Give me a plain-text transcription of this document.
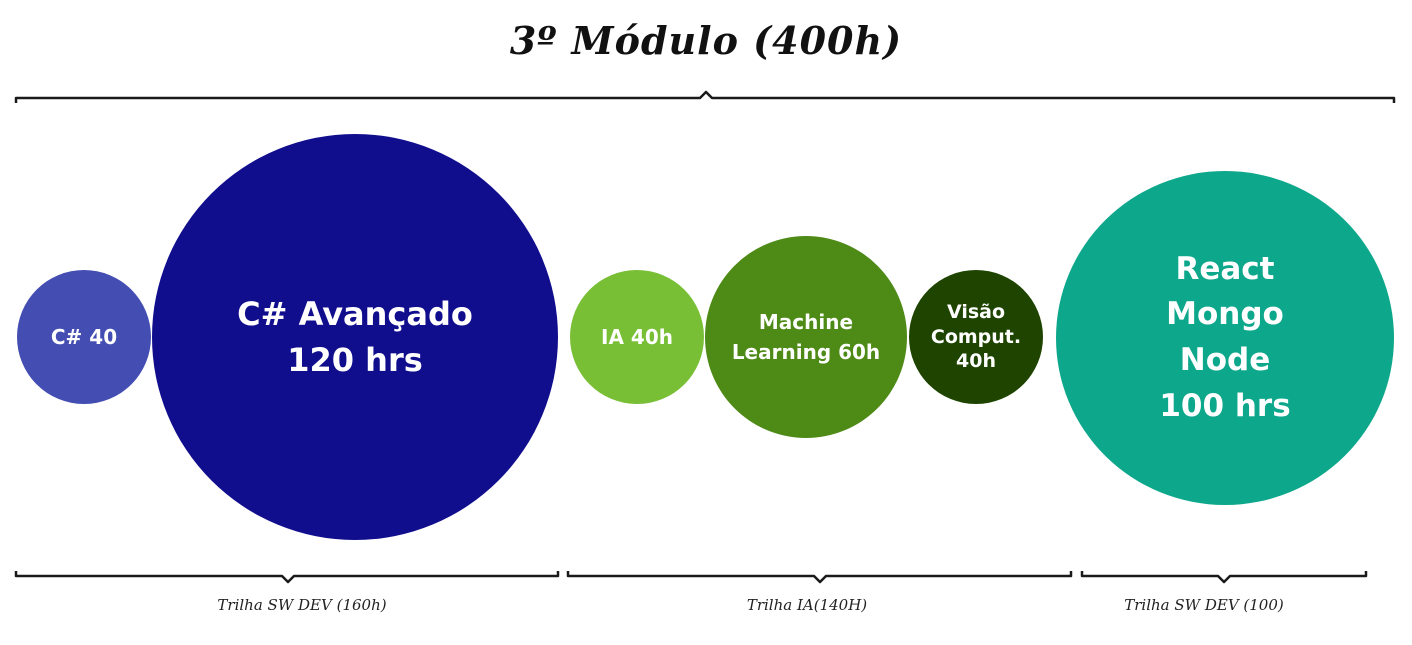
3º Módulo (400h)
C# 40
C# Avançado
120 hrs
IA 40h
Machine
Learning 60h
Visão
Comput.
40h
React
Mongo
Node
100 hrs
Trilha SW DEV (160h)	Trilha IA(140H)	Trilha SW DEV (100)
